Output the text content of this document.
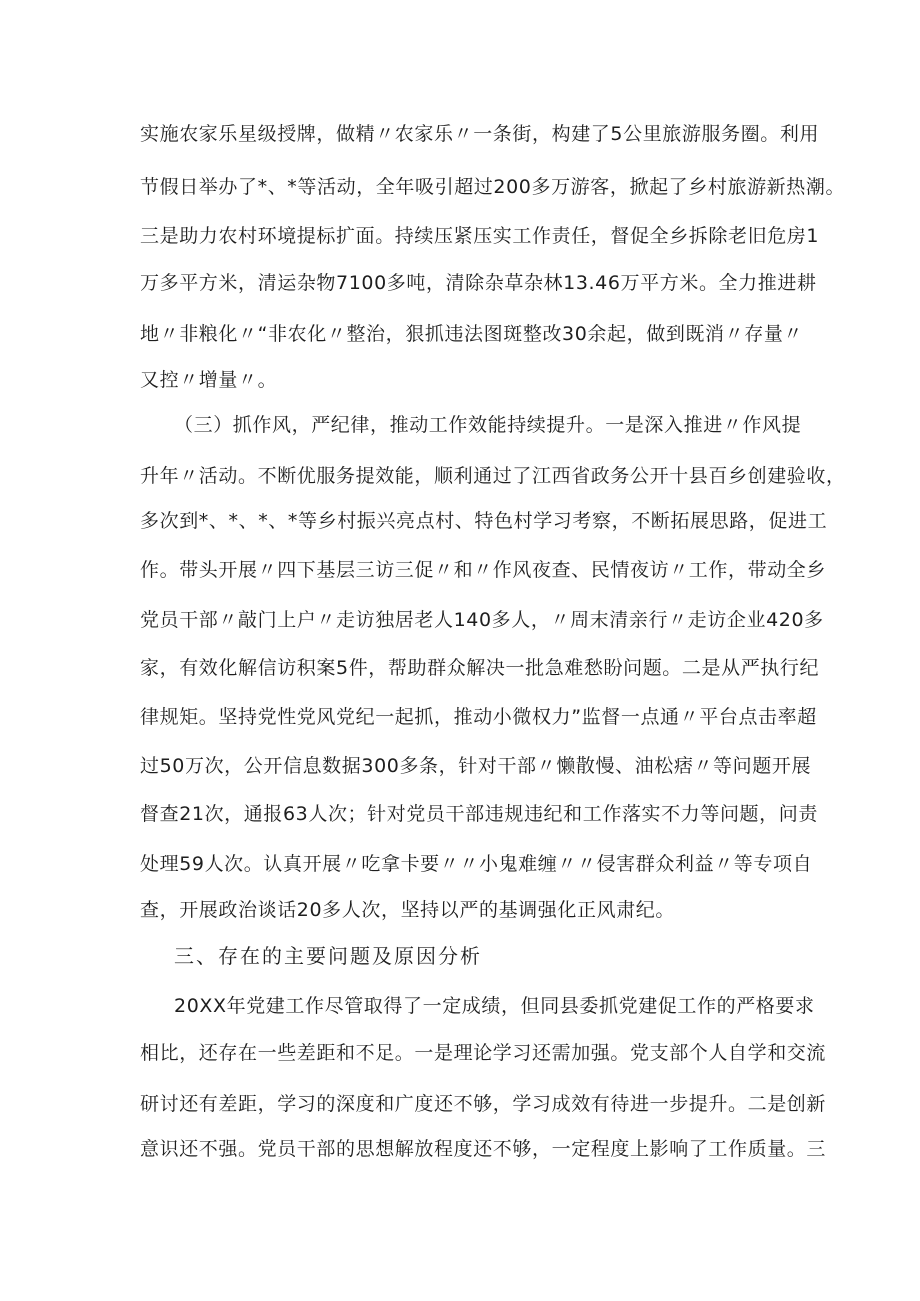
实施农家乐星级授牌，做精〃农家乐〃一条街，构建了5公里旅游服务圈。利用
节假日举办了*、*等活动，全年吸引超过200多万游客，掀起了乡村旅游新热潮。
三是助力农村环境提标扩面。持续压紧压实工作责任，督促全乡拆除老旧危房1
万多平方米，清运杂物7100多吨，清除杂草杂林13.46万平方米。全力推进耕
地〃非粮化〃“非农化〃整治，狠抓违法图斑整改30余起，做到既消〃存量〃
又控〃增量〃。
（三）抓作风，严纪律，推动工作效能持续提升。一是深入推进〃作风提
升年〃活动。不断优服务提效能，顺利通过了江西省政务公开十县百乡创建验收，
多次到*、*、*、*等乡村振兴亮点村、特色村学习考察，不断拓展思路，促进工
作。带头开展〃四下基层三访三促〃和〃作风夜查、民情夜访〃工作，带动全乡
党员干部〃敲门上户〃走访独居老人140多人，〃周末清亲行〃走访企业420多
家，有效化解信访积案5件，帮助群众解决一批急难愁盼问题。二是从严执行纪
律规矩。坚持党性党风党纪一起抓，推动小微权力”监督一点通〃平台点击率超
过50万次，公开信息数据300多条，针对干部〃懒散慢、油松痞〃等问题开展
督查21次，通报63人次；针对党员干部违规违纪和工作落实不力等问题，问责
处理59人次。认真开展〃吃拿卡要〃〃小鬼难缠〃〃侵害群众利益〃等专项自
查，开展政治谈话20多人次，坚持以严的基调强化正风肃纪。
三、存在的主要问题及原因分析
20XX年党建工作尽管取得了一定成绩，但同县委抓党建促工作的严格要求
相比，还存在一些差距和不足。一是理论学习还需加强。党支部个人自学和交流
研讨还有差距，学习的深度和广度还不够，学习成效有待进一步提升。二是创新
意识还不强。党员干部的思想解放程度还不够，一定程度上影响了工作质量。三
